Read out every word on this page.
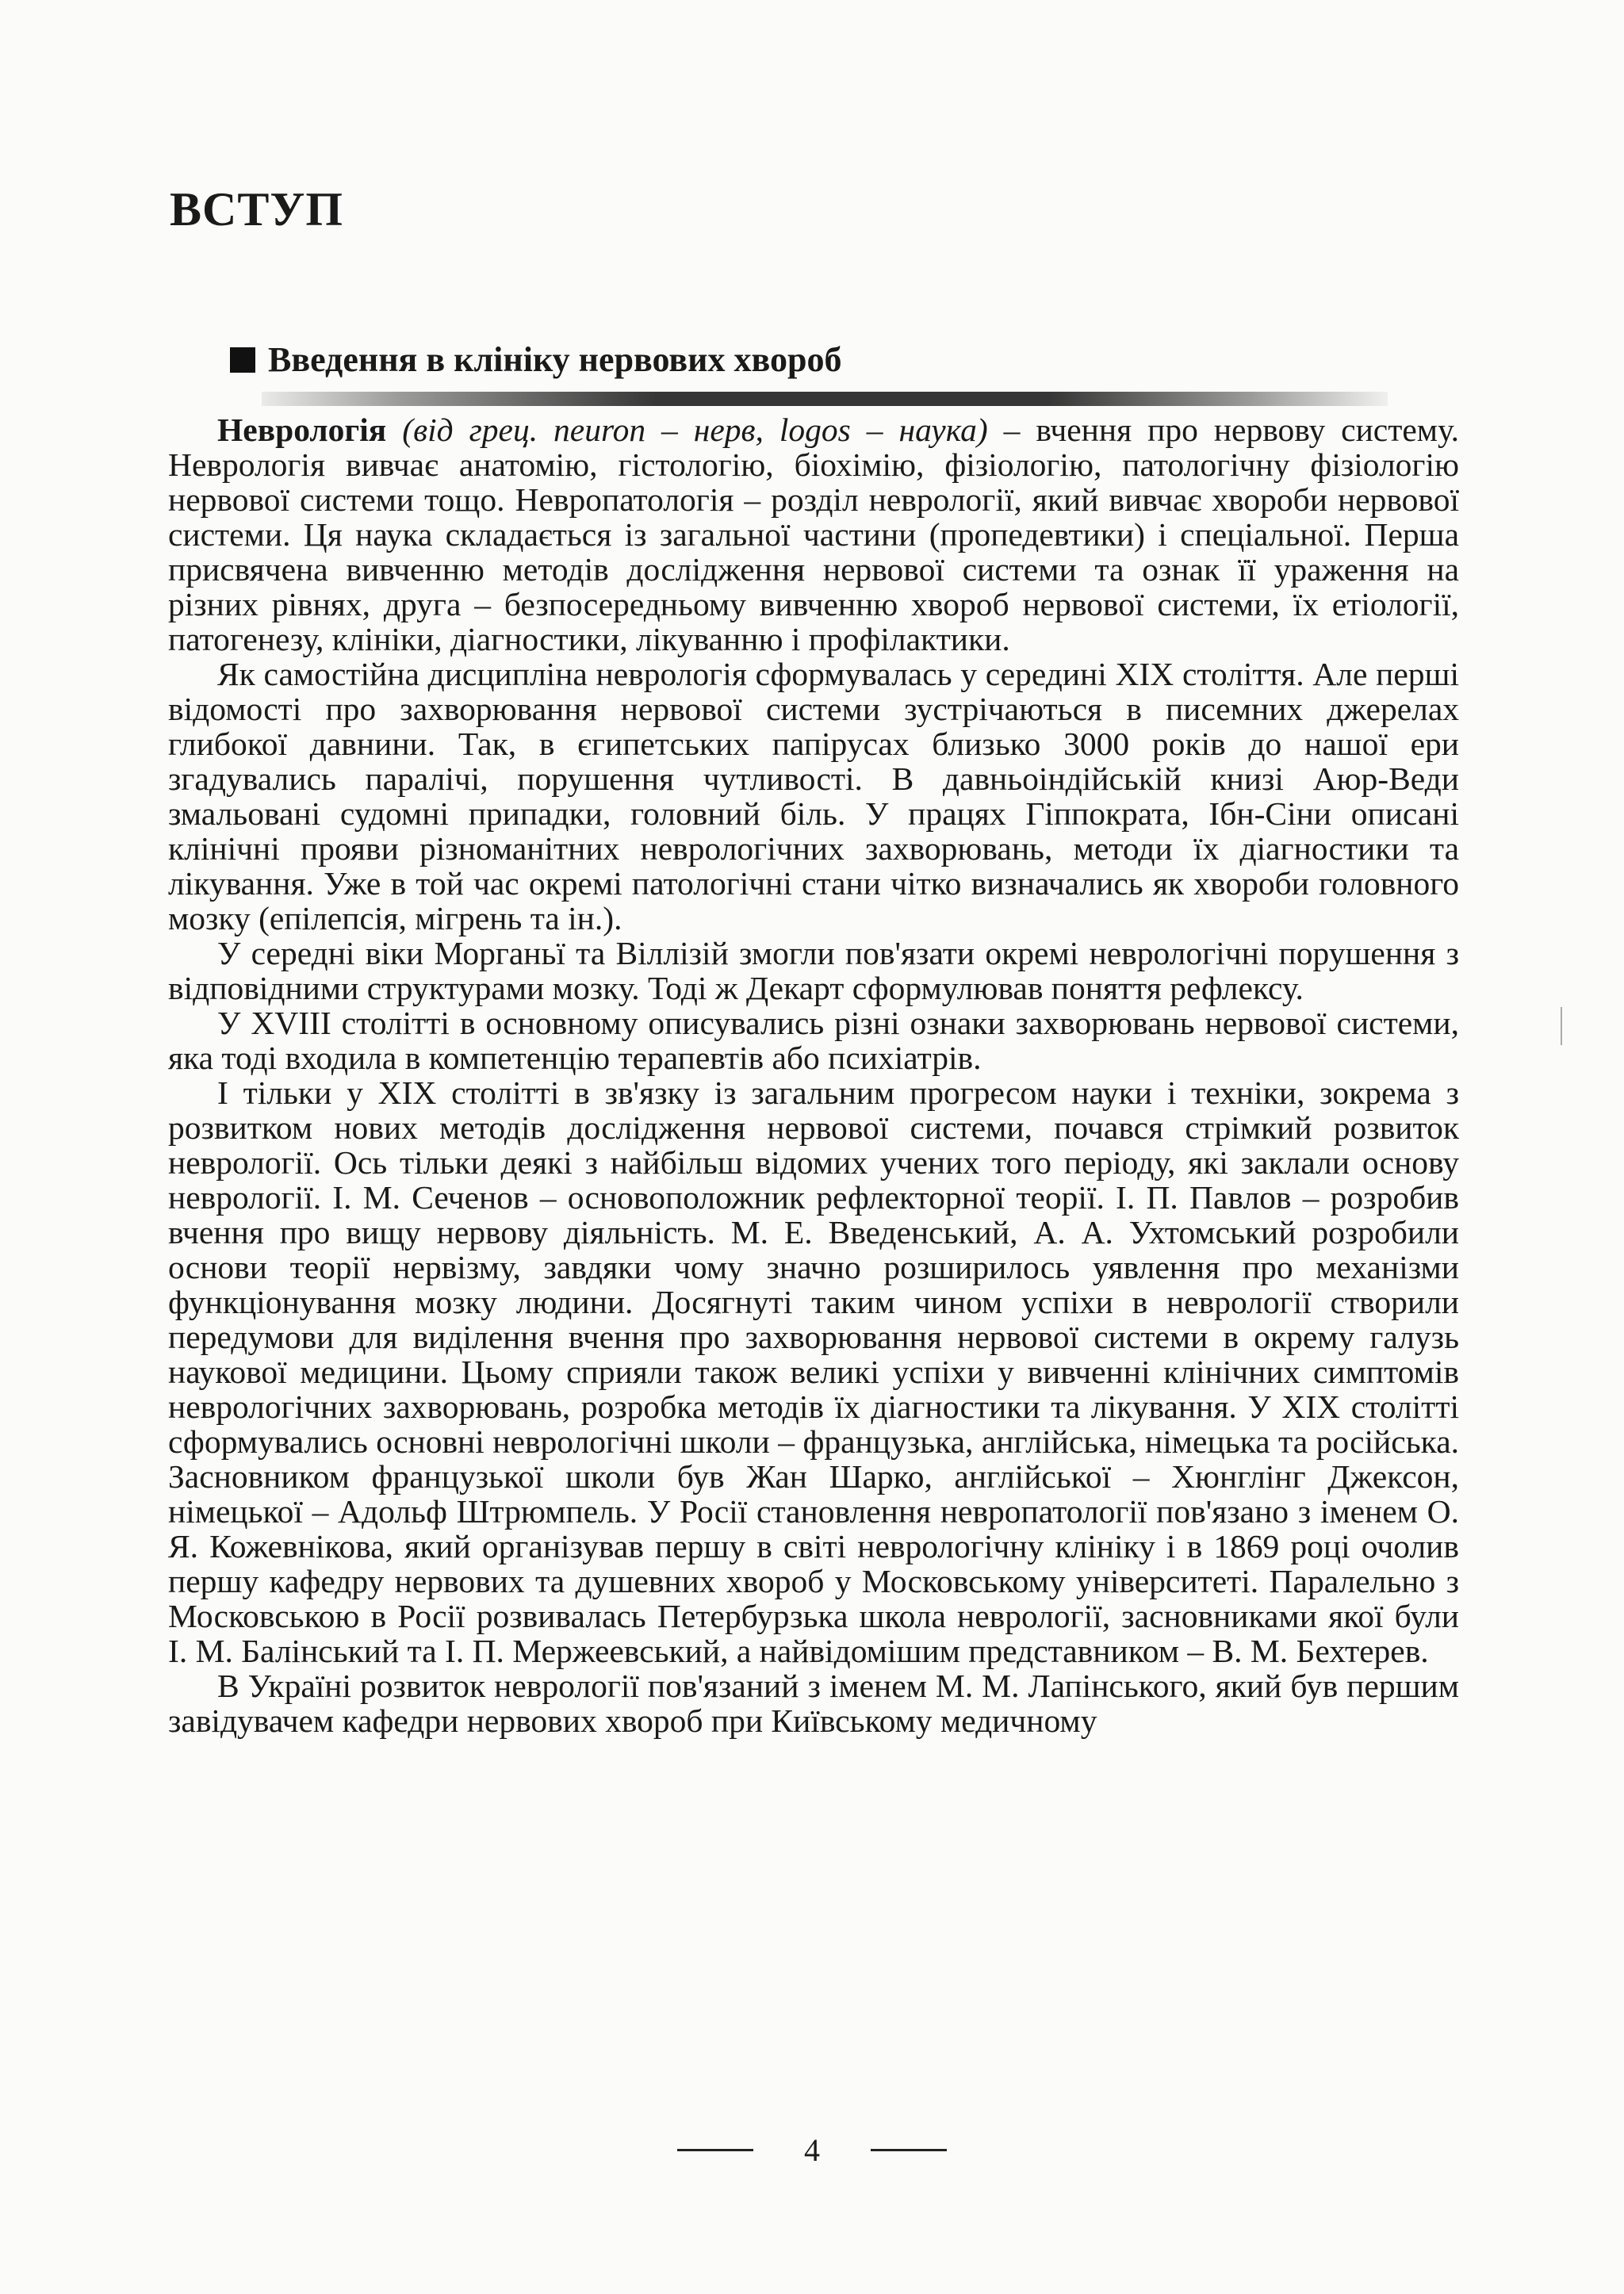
ВСТУП
Введення в клініку нервових хвороб

Неврологія (від грец. neuron – нерв, logos – наука) – вчення про нервову систему. Неврологія вивчає анатомію, гістологію, біохімію, фізіологію, патологічну фізіологію нервової системи тощо. Невропатологія – розділ неврології, який вивчає хвороби нервової системи. Ця наука складається із загальної частини (пропедевтики) і спеціальної. Перша присвячена вивченню методів дослідження нервової системи та ознак її ураження на різних рівнях, друга – безпосередньому вивченню хвороб нервової системи, їх етіології, патогенезу, клініки, діагностики, лікуванню і профілактики.

Як самостійна дисципліна неврологія сформувалась у середині XIX століття. Але перші відомості про захворювання нервової системи зустрічаються в писемних джерелах глибокої давнини. Так, в єгипетських папірусах близько 3000 років до нашої ери згадувались паралічі, порушення чутливості. В давньоіндійській книзі Аюр-Веди змальовані судомні припадки, головний біль. У працях Гіппократа, Ібн-Сіни описані клінічні прояви різноманітних неврологічних захворювань, методи їх діагностики та лікування. Уже в той час окремі патологічні стани чітко визначались як хвороби головного мозку (епілепсія, мігрень та ін.).

У середні віки Морганьї та Віллізій змогли пов'язати окремі неврологічні порушення з відповідними структурами мозку. Тоді ж Декарт сформулював поняття рефлексу.

У XVIII столітті в основному описувались різні ознаки захворювань нервової системи, яка тоді входила в компетенцію терапевтів або психіатрів.

І тільки у XIX столітті в зв'язку із загальним прогресом науки і техніки, зокрема з розвитком нових методів дослідження нервової системи, почався стрімкий розвиток неврології. Ось тільки деякі з найбільш відомих учених того періоду, які заклали основу неврології. І. М. Сеченов – основоположник рефлекторної теорії. І. П. Павлов – розробив вчення про вищу нервову діяльність. М. Е. Введенський, А. А. Ухтомський розробили основи теорії нервізму, завдяки чому значно розширилось уявлення про механізми функціонування мозку людини. Досягнуті таким чином успіхи в неврології створили передумови для виділення вчення про захворювання нервової системи в окрему галузь наукової медицини. Цьому сприяли також великі успіхи у вивченні клінічних симптомів неврологічних захворювань, розробка методів їх діагностики та лікування. У XIX столітті сформувались основні неврологічні школи – французька, англійська, німецька та російська. Засновником французької школи був Жан Шарко, англійської – Хюнглінг Джексон, німецької – Адольф Штрюмпель. У Росії становлення невропатології пов'язано з іменем О. Я. Кожевнікова, який організував першу в світі неврологічну клініку і в 1869 році очолив першу кафедру нервових та душевних хвороб у Московському університеті. Паралельно з Московською в Росії розвивалась Петербурзька школа неврології, засновниками якої були І. М. Балінський та І. П. Мержеевський, а найвідомішим представником – В. М. Бехтерев.

В Україні розвиток неврології пов'язаний з іменем М. М. Лапінського, який був першим завідувачем кафедри нервових хвороб при Київському медичному

4
